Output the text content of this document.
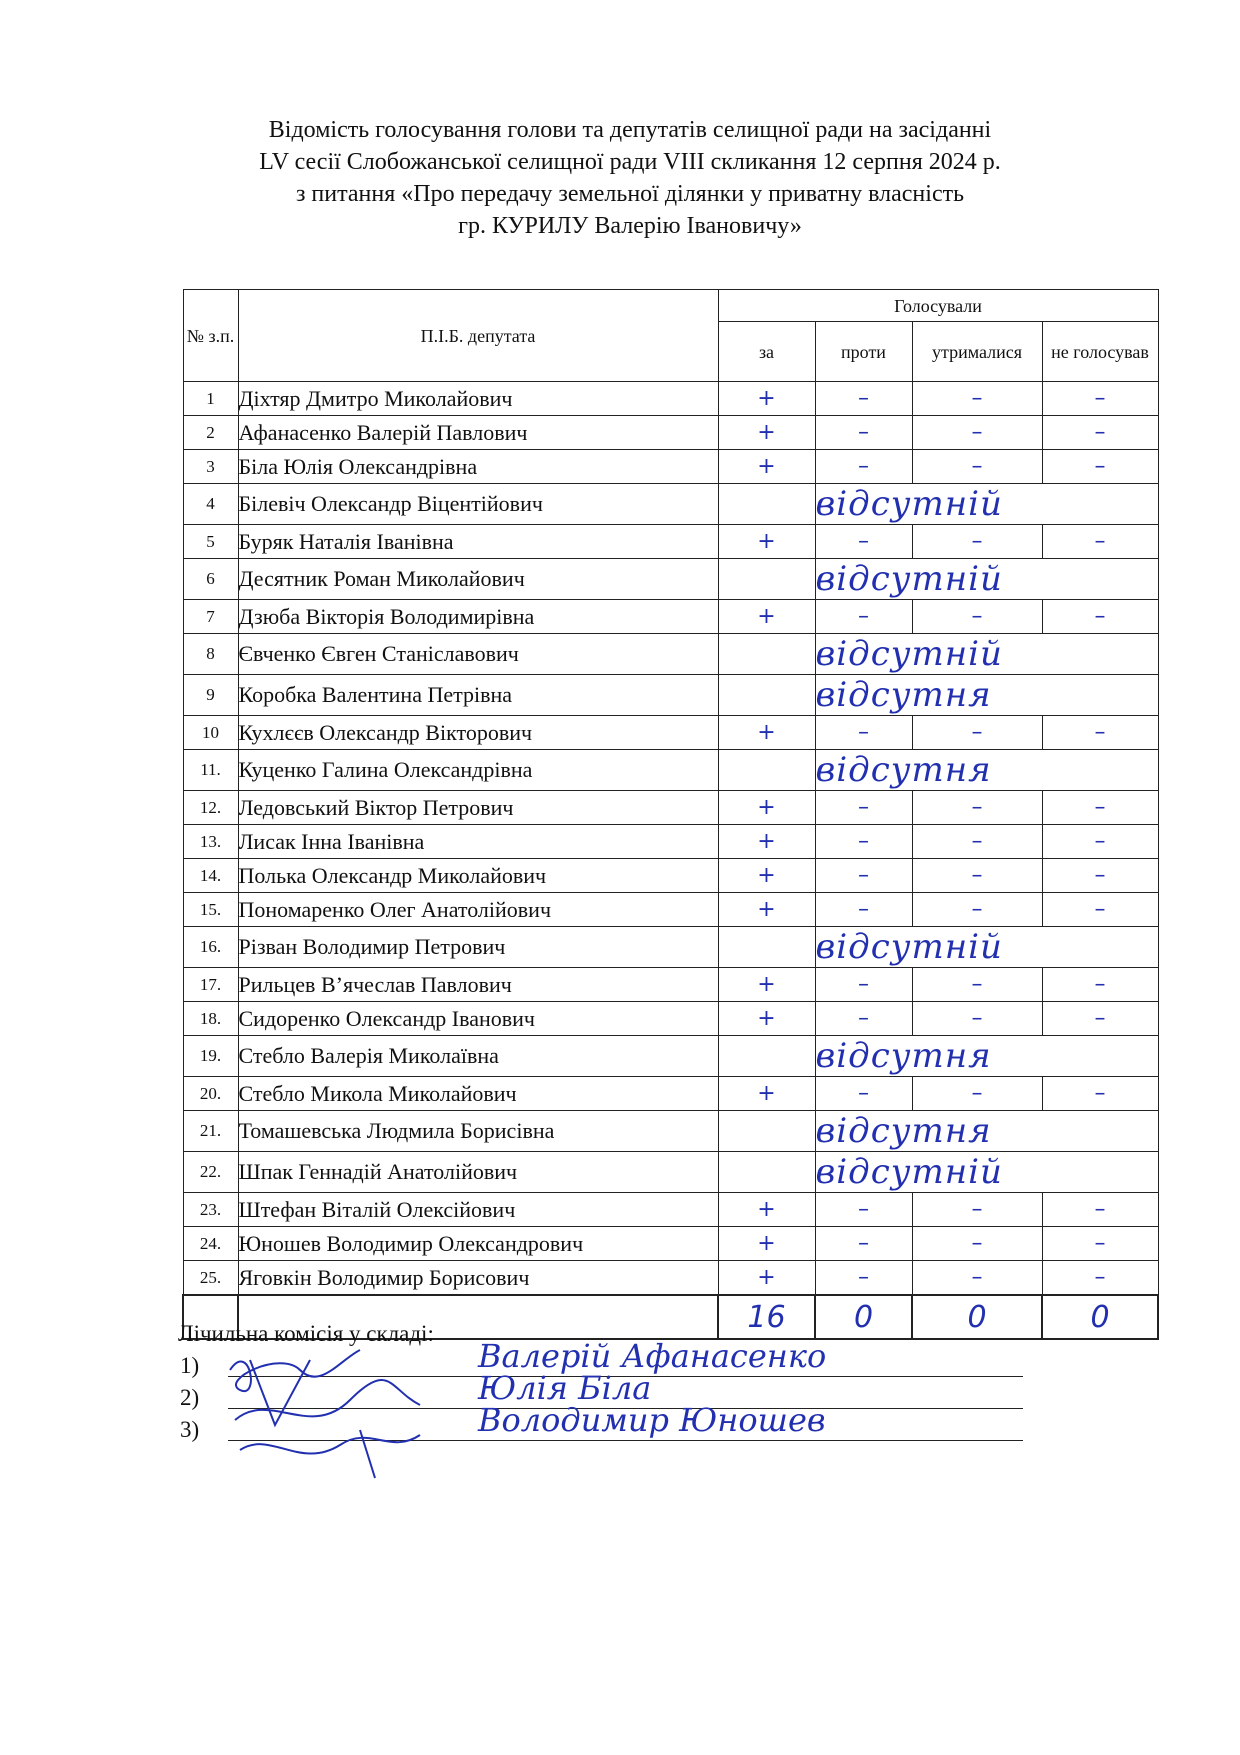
Відомість голосування голови та депутатів селищної ради на засіданні
LV сесії Слобожанської селищної ради VIII скликання 12 серпня 2024 р.
з питання «Про передачу земельної ділянки у приватну власність
гр. КУРИЛУ Валерію Івановичу»
№ з.п.	П.І.Б. депутата	Голосували			
		за	проти	утрималися	не голосував
1	Діхтяр Дмитро Миколайович	+	–	–	–
2	Афанасенко Валерій Павлович	+	–	–	–
3	Біла Юлія Олександрівна	+	–	–	–
4	Білевіч Олександр Віцентійович		відсутній		
5	Буряк Наталія Іванівна	+	–	–	–
6	Десятник Роман Миколайович		відсутній		
7	Дзюба Вікторія Володимирівна	+	–	–	–
8	Євченко Євген Станіславович		відсутній		
9	Коробка Валентина Петрівна		відсутня		
10	Кухлєєв Олександр Вікторович	+	–	–	–
11.	Куценко Галина Олександрівна		відсутня		
12.	Ледовський Віктор Петрович	+	–	–	–
13.	Лисак Інна Іванівна	+	–	–	–
14.	Полька Олександр Миколайович	+	–	–	–
15.	Пономаренко Олег Анатолійович	+	–	–	–
16.	Різван Володимир Петрович		відсутній		
17.	Рильцев В’ячеслав Павлович	+	–	–	–
18.	Сидоренко Олександр Іванович	+	–	–	–
19.	Стебло Валерія Миколаївна		відсутня		
20.	Стебло Микола Миколайович	+	–	–	–
21.	Томашевська Людмила Борисівна		відсутня		
22.	Шпак Геннадій Анатолійович		відсутній		
23.	Штефан Віталій Олексійович	+	–	–	–
24.	Юношев Володимир Олександрович	+	–	–	–
25.	Яговкін Володимир Борисович	+	–	–	–
		16	0	0	0
Лічильна комісія у складі:
1)	Валерій Афанасенко
2)	Юлія Біла
3)	Володимир Юношев
